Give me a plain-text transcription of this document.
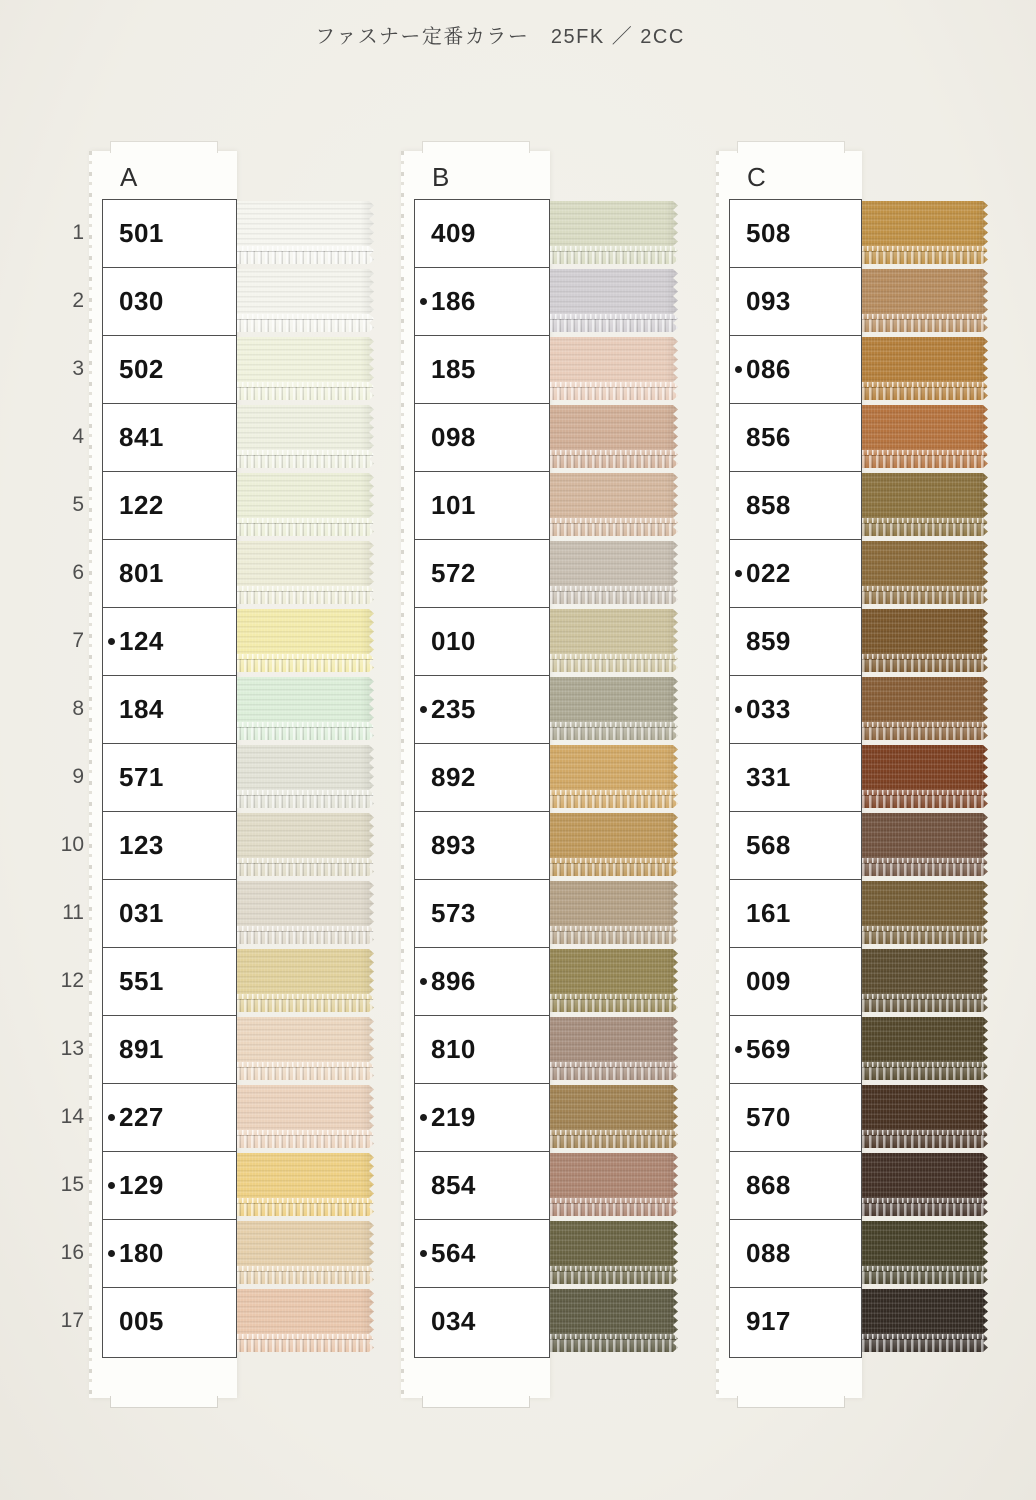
ファスナー定番カラー　25FK ／ 2CC
1
2
3
4
5
6
7
8
9
10
11
12
13
14
15
16
17
A
501
030
502
841
122
801
124
184
571
123
031
551
891
227
129
180
005
B
409
186
185
098
101
572
010
235
892
893
573
896
810
219
854
564
034
C
508
093
086
856
858
022
859
033
331
568
161
009
569
570
868
088
917
